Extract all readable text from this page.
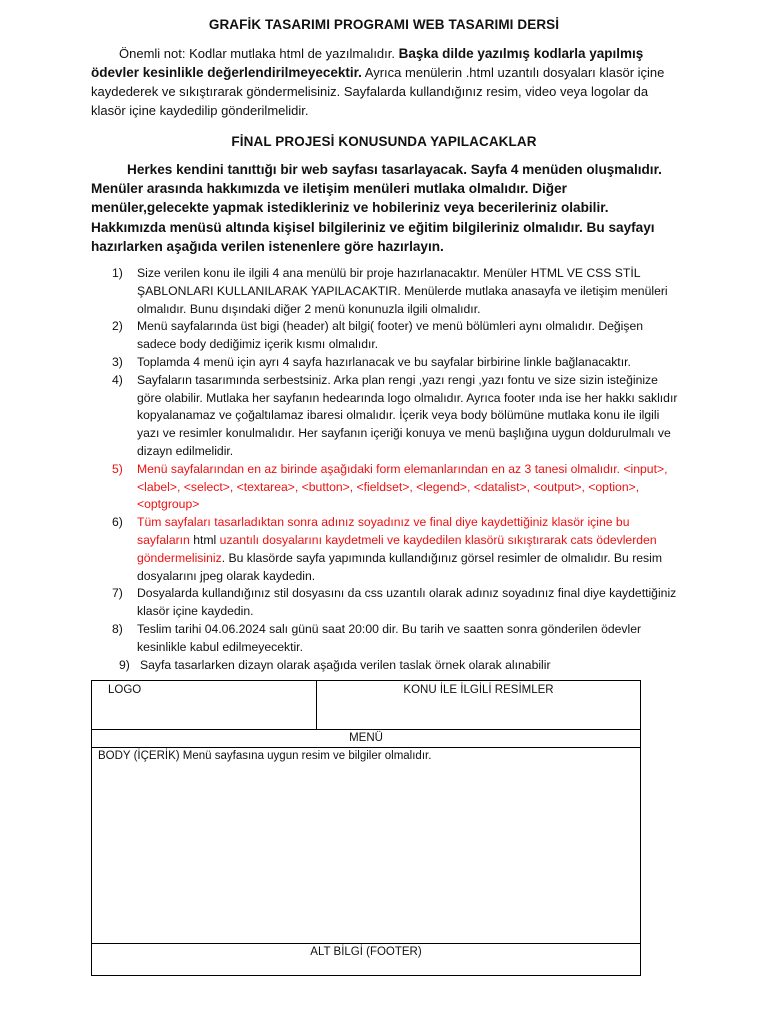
GRAFİK TASARIMI PROGRAMI WEB TASARIMI DERSİ
Önemli not: Kodlar mutlaka html de yazılmalıdır. Başka dilde yazılmış kodlarla yapılmış ödevler kesinlikle değerlendirilmeyecektir. Ayrıca menülerin .html uzantılı dosyaları klasör içine kaydederek ve sıkıştırarak göndermelisiniz. Sayfalarda kullandığınız resim, video veya logolar da klasör içine kaydedilip gönderilmelidir.
FİNAL PROJESİ KONUSUNDA YAPILACAKLAR
Herkes kendini tanıttığı bir web sayfası tasarlayacak. Sayfa 4 menüden oluşmalıdır. Menüler arasında hakkımızda ve iletişim menüleri mutlaka olmalıdır. Diğer menüler,gelecekte yapmak istedikleriniz ve hobileriniz veya becerileriniz olabilir. Hakkımızda menüsü altında kişisel bilgileriniz ve eğitim bilgileriniz olmalıdır. Bu sayfayı hazırlarken aşağıda verilen istenenlere göre hazırlayın.
1)	Size verilen konu ile ilgili 4 ana menülü bir proje hazırlanacaktır. Menüler HTML VE CSS STİL ŞABLONLARI KULLANILARAK YAPILACAKTIR. Menülerde mutlaka anasayfa ve iletişim menüleri olmalıdır. Bunu dışındaki diğer 2 menü konunuzla ilgili olmalıdır.
2)	Menü sayfalarında üst bigi (header) alt bilgi( footer) ve menü bölümleri aynı olmalıdır. Değişen sadece body dediğimiz içerik kısmı olmalıdır.
3)	Toplamda 4 menü için ayrı 4 sayfa hazırlanacak ve bu sayfalar birbirine linkle bağlanacaktır.
4)	Sayfaların tasarımında serbestsiniz. Arka plan rengi ,yazı rengi ,yazı fontu ve size sizin isteğinize göre olabilir. Mutlaka her sayfanın hedearında logo olmalıdır. Ayrıca footer ında ise her hakkı saklıdır kopyalanamaz ve çoğaltılamaz ibaresi olmalıdır. İçerik veya body bölümüne mutlaka konu ile ilgili yazı ve resimler konulmalıdır. Her sayfanın içeriği konuya ve menü başlığına uygun doldurulmalı ve dizayn edilmelidir.
5)	Menü sayfalarından en az birinde aşağıdaki form elemanlarından en az 3 tanesi olmalıdır. <input>, <label>, <select>, <textarea>, <button>, <fieldset>, <legend>, <datalist>, <output>, <option>,<optgroup>
6)	Tüm sayfaları tasarladıktan sonra adınız soyadınız ve final diye kaydettiğiniz klasör içine bu sayfaların html uzantılı dosyalarını kaydetmeli ve kaydedilen klasörü sıkıştırarak cats ödevlerden göndermelisiniz. Bu klasörde sayfa yapımında kullandığınız görsel resimler de olmalıdır. Bu resim dosyalarını jpeg olarak kaydedin.
7)	Dosyalarda kullandığınız stil dosyasını da css uzantılı olarak adınız soyadınız final diye kaydettiğiniz klasör içine kaydedin.
8)	Teslim tarihi 04.06.2024 salı günü saat 20:00 dir. Bu tarih ve saatten sonra gönderilen ödevler kesinlikle kabul edilmeyecektir.
9) Sayfa tasarlarken dizayn olarak aşağıda verilen taslak örnek olarak alınabilir
LOGO	KONU İLE İLGİLİ RESİMLER
MENÜ
BODY (İÇERİK) Menü sayfasına uygun resim ve bilgiler olmalıdır.
ALT BİLGİ (FOOTER)
